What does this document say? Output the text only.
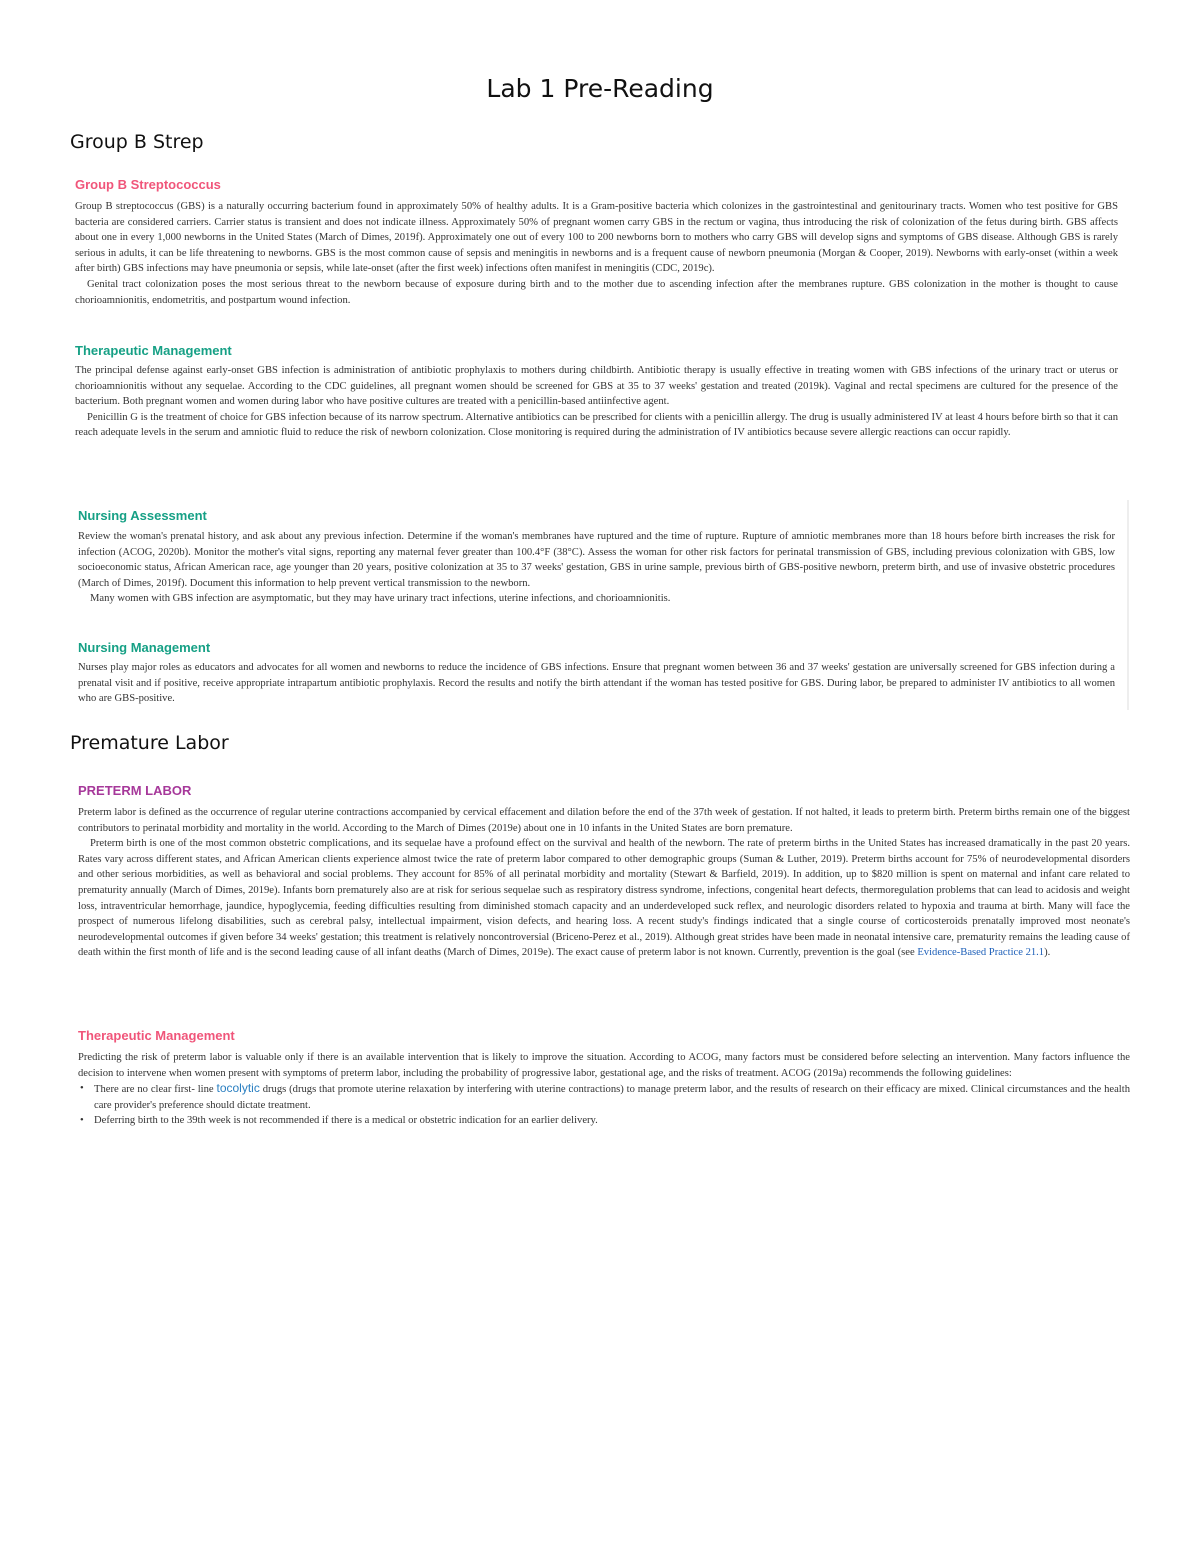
Lab 1 Pre-Reading
Group B Strep
Group B Streptococcus

Group B streptococcus (GBS) is a naturally occurring bacterium found in approximately 50% of healthy adults. It is a Gram-positive bacteria which colonizes in the gastrointestinal and genitourinary tracts. Women who test positive for GBS bacteria are considered carriers. Carrier status is transient and does not indicate illness. Approximately 50% of pregnant women carry GBS in the rectum or vagina, thus introducing the risk of colonization of the fetus during birth. GBS affects about one in every 1,000 newborns in the United States (March of Dimes, 2019f). Approximately one out of every 100 to 200 newborns born to mothers who carry GBS will develop signs and symptoms of GBS disease. Although GBS is rarely serious in adults, it can be life threatening to newborns. GBS is the most common cause of sepsis and meningitis in newborns and is a frequent cause of newborn pneumonia (Morgan & Cooper, 2019). Newborns with early-onset (within a week after birth) GBS infections may have pneumonia or sepsis, while late-onset (after the first week) infections often manifest in meningitis (CDC, 2019c).

Genital tract colonization poses the most serious threat to the newborn because of exposure during birth and to the mother due to ascending infection after the membranes rupture. GBS colonization in the mother is thought to cause chorioamnionitis, endometritis, and postpartum wound infection.

Therapeutic Management

The principal defense against early-onset GBS infection is administration of antibiotic prophylaxis to mothers during childbirth. Antibiotic therapy is usually effective in treating women with GBS infections of the urinary tract or uterus or chorioamnionitis without any sequelae. According to the CDC guidelines, all pregnant women should be screened for GBS at 35 to 37 weeks' gestation and treated (2019k). Vaginal and rectal specimens are cultured for the presence of the bacterium. Both pregnant women and women during labor who have positive cultures are treated with a penicillin-based antiinfective agent.

Penicillin G is the treatment of choice for GBS infection because of its narrow spectrum. Alternative antibiotics can be prescribed for clients with a penicillin allergy. The drug is usually administered IV at least 4 hours before birth so that it can reach adequate levels in the serum and amniotic fluid to reduce the risk of newborn colonization. Close monitoring is required during the administration of IV antibiotics because severe allergic reactions can occur rapidly.

Nursing Assessment

Review the woman's prenatal history, and ask about any previous infection. Determine if the woman's membranes have ruptured and the time of rupture. Rupture of amniotic membranes more than 18 hours before birth increases the risk for infection (ACOG, 2020b). Monitor the mother's vital signs, reporting any maternal fever greater than 100.4°F (38°C). Assess the woman for other risk factors for perinatal transmission of GBS, including previous colonization with GBS, low socioeconomic status, African American race, age younger than 20 years, positive colonization at 35 to 37 weeks' gestation, GBS in urine sample, previous birth of GBS-positive newborn, preterm birth, and use of invasive obstetric procedures (March of Dimes, 2019f). Document this information to help prevent vertical transmission to the newborn.

Many women with GBS infection are asymptomatic, but they may have urinary tract infections, uterine infections, and chorioamnionitis.

Nursing Management

Nurses play major roles as educators and advocates for all women and newborns to reduce the incidence of GBS infections. Ensure that pregnant women between 36 and 37 weeks' gestation are universally screened for GBS infection during a prenatal visit and if positive, receive appropriate intrapartum antibiotic prophylaxis. Record the results and notify the birth attendant if the woman has tested positive for GBS. During labor, be prepared to administer IV antibiotics to all women who are GBS-positive.

Premature Labor
PRETERM LABOR

Preterm labor is defined as the occurrence of regular uterine contractions accompanied by cervical effacement and dilation before the end of the 37th week of gestation. If not halted, it leads to preterm birth. Preterm births remain one of the biggest contributors to perinatal morbidity and mortality in the world. According to the March of Dimes (2019e) about one in 10 infants in the United States are born premature.

Preterm birth is one of the most common obstetric complications, and its sequelae have a profound effect on the survival and health of the newborn. The rate of preterm births in the United States has increased dramatically in the past 20 years. Rates vary across different states, and African American clients experience almost twice the rate of preterm labor compared to other demographic groups (Suman & Luther, 2019). Preterm births account for 75% of neurodevelopmental disorders and other serious morbidities, as well as behavioral and social problems. They account for 85% of all perinatal morbidity and mortality (Stewart & Barfield, 2019). In addition, up to $820 million is spent on maternal and infant care related to prematurity annually (March of Dimes, 2019e). Infants born prematurely also are at risk for serious sequelae such as respiratory distress syndrome, infections, congenital heart defects, thermoregulation problems that can lead to acidosis and weight loss, intraventricular hemorrhage, jaundice, hypoglycemia, feeding difficulties resulting from diminished stomach capacity and an underdeveloped suck reflex, and neurologic disorders related to hypoxia and trauma at birth. Many will face the prospect of numerous lifelong disabilities, such as cerebral palsy, intellectual impairment, vision defects, and hearing loss. A recent study's findings indicated that a single course of corticosteroids prenatally improved most neonate's neurodevelopmental outcomes if given before 34 weeks' gestation; this treatment is relatively noncontroversial (Briceno-Perez et al., 2019). Although great strides have been made in neonatal intensive care, prematurity remains the leading cause of death within the first month of life and is the second leading cause of all infant deaths (March of Dimes, 2019e). The exact cause of preterm labor is not known. Currently, prevention is the goal (see Evidence-Based Practice 21.1).

Therapeutic Management

Predicting the risk of preterm labor is valuable only if there is an available intervention that is likely to improve the situation. According to ACOG, many factors must be considered before selecting an intervention. Many factors influence the decision to intervene when women present with symptoms of preterm labor, including the probability of progressive labor, gestational age, and the risks of treatment. ACOG (2019a) recommends the following guidelines:

• There are no clear first- line tocolytic drugs (drugs that promote uterine relaxation by interfering with uterine contractions) to manage preterm labor, and the results of research on their efficacy are mixed. Clinical circumstances and the health care provider's preference should dictate treatment.
• Deferring birth to the 39th week is not recommended if there is a medical or obstetric indication for an earlier delivery.
